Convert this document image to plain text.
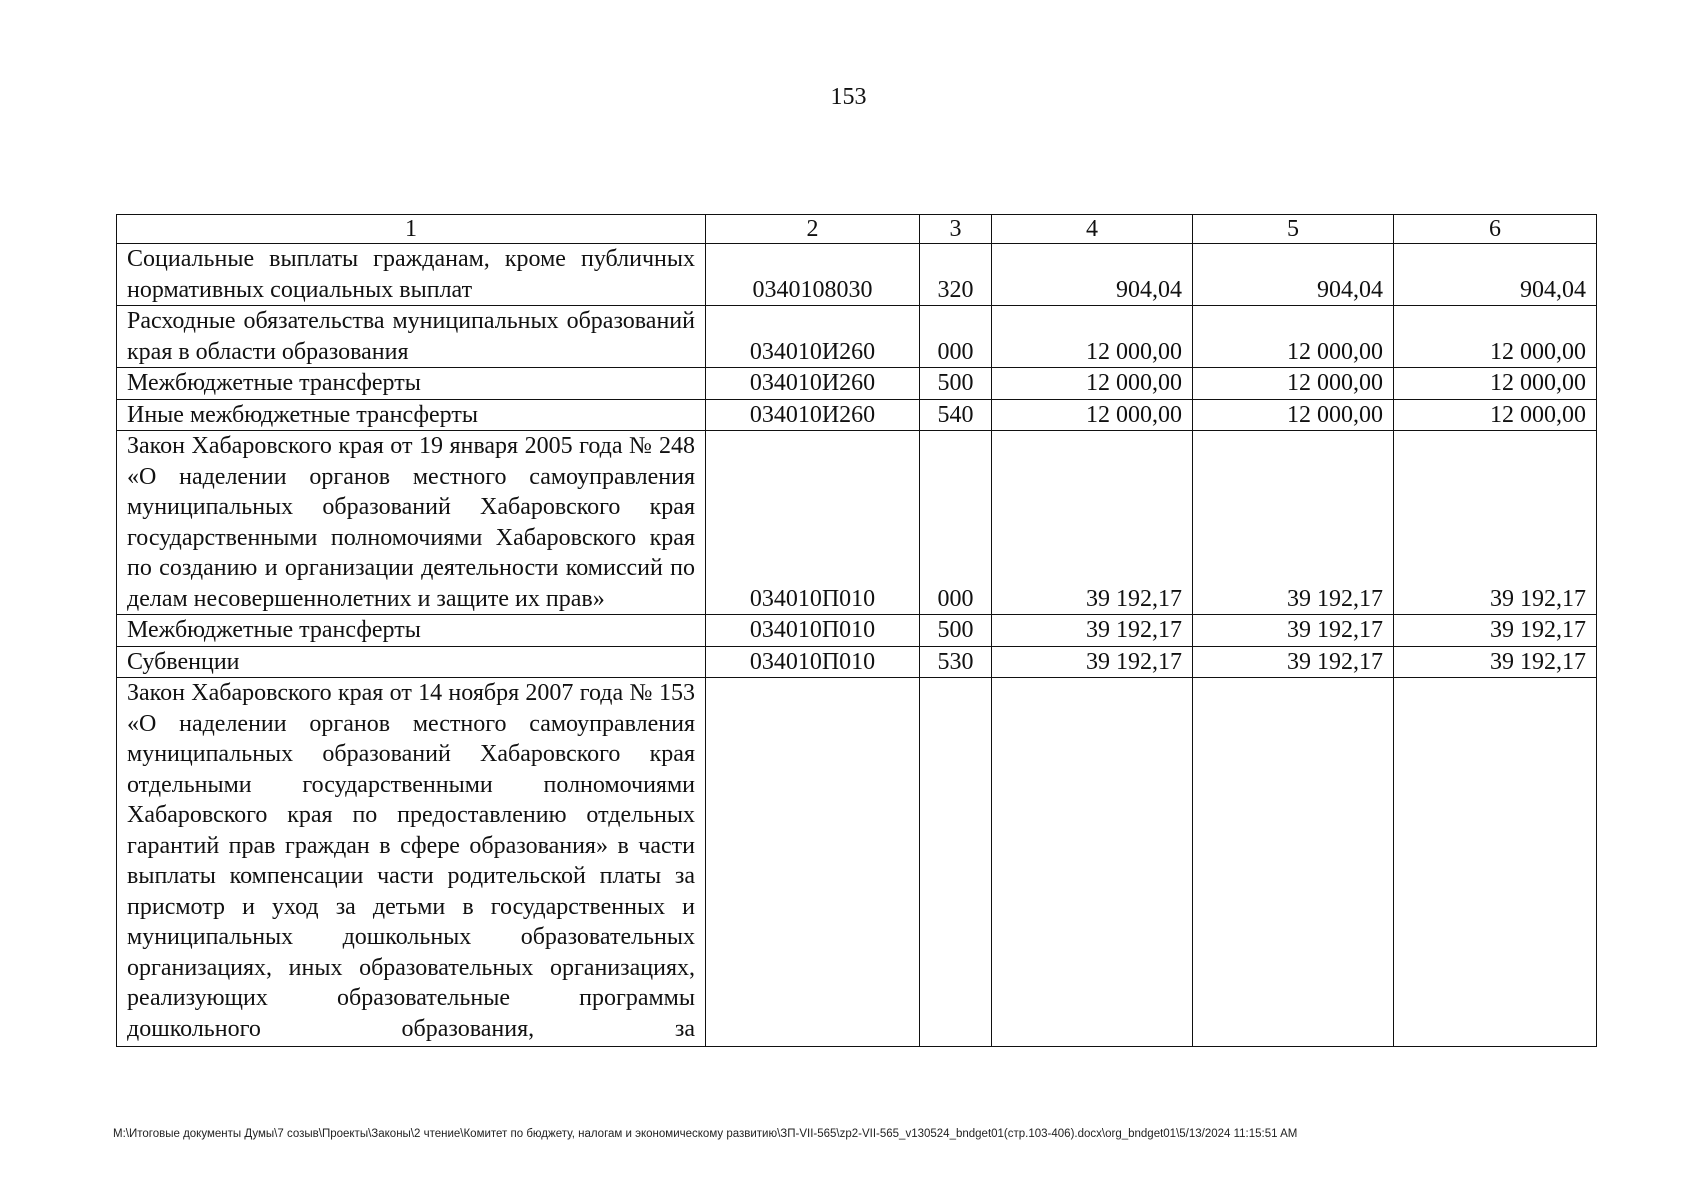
153
1	2	3	4	5	6
Социальные выплаты гражданам, кроме публичных нормативных социальных выплат	0340108030	320	904,04	904,04	904,04
Расходные обязательства муниципальных образований края в области образования	034010И260	000	12 000,00	12 000,00	12 000,00
Межбюджетные трансферты	034010И260	500	12 000,00	12 000,00	12 000,00
Иные межбюджетные трансферты	034010И260	540	12 000,00	12 000,00	12 000,00
Закон Хабаровского края от 19 января 2005 года № 248 «О наделении органов местного самоуправления муниципальных образований Хабаровского края государственными полномочиями Хабаровского края по созданию и организации деятельности комиссий по делам несовершеннолетних и защите их прав»	034010П010	000	39 192,17	39 192,17	39 192,17
Межбюджетные трансферты	034010П010	500	39 192,17	39 192,17	39 192,17
Субвенции	034010П010	530	39 192,17	39 192,17	39 192,17
Закон Хабаровского края от 14 ноября 2007 года № 153 «О наделении органов местного самоуправления муниципальных образований Хабаровского края отдельными государственными полномочиями Хабаровского края по предоставлению отдельных гарантий прав граждан в сфере образования» в части выплаты компенсации части родительской платы за присмотр и уход за детьми в государственных и муниципальных дошкольных образовательных организациях, иных образовательных организациях, реализующих образовательные программы дошкольного образования, за					
M:\Итоговые документы Думы\7 созыв\Проекты\Законы\2 чтение\Комитет по бюджету, налогам и экономическому развитию\ЗП-VII-565\zp2-VII-565_v130524_bndget01(стр.103-406).docx\org_bndget01\5/13/2024 11:15:51 AM
